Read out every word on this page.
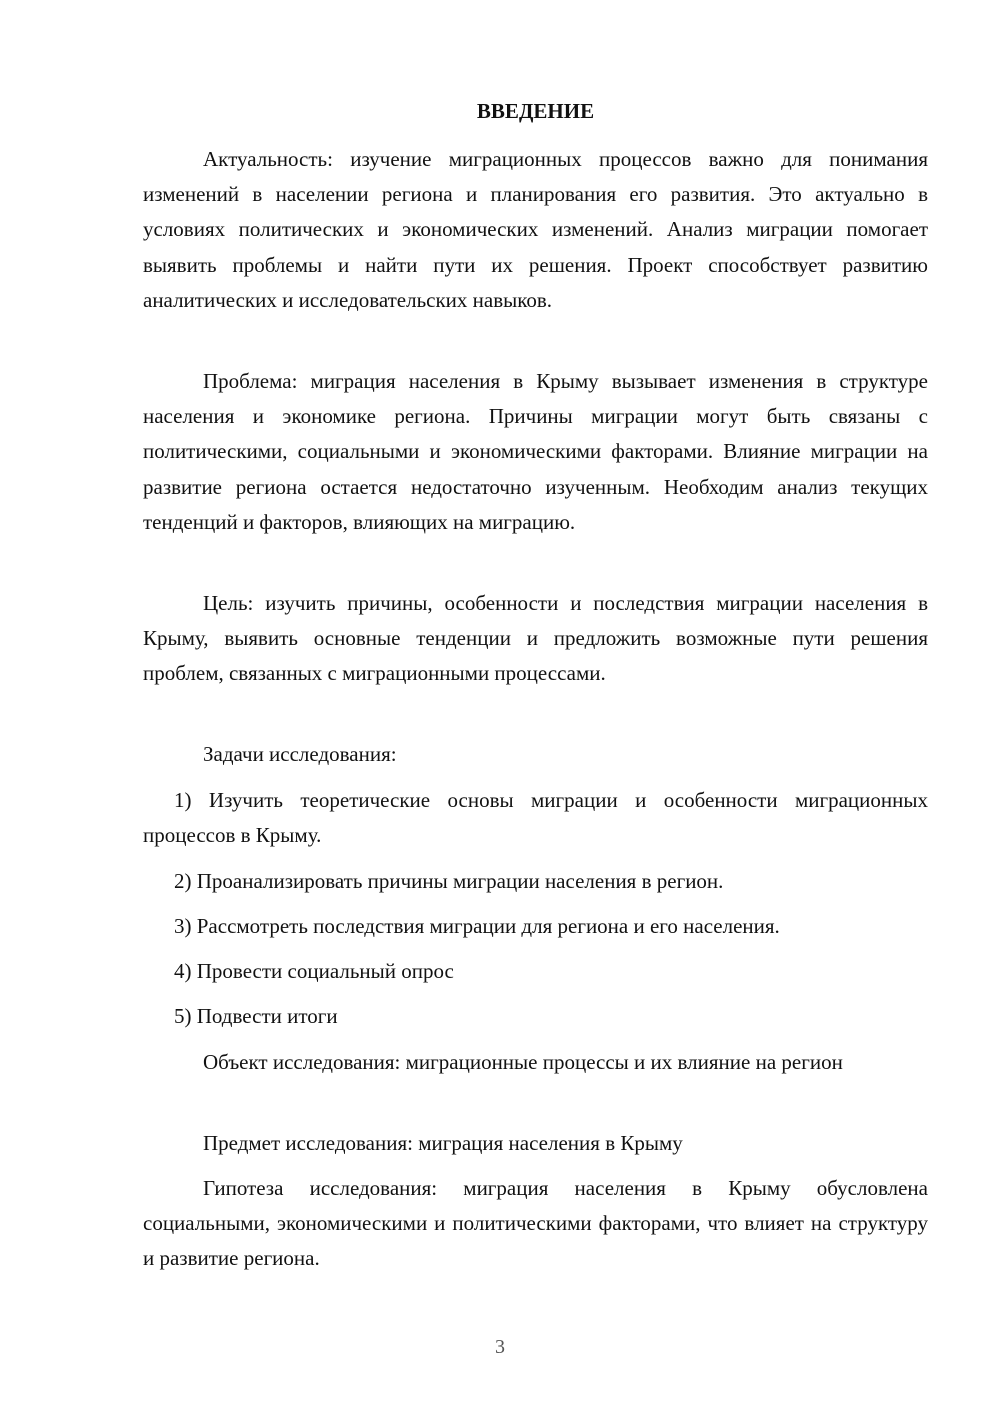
ВВЕДЕНИЕ
Актуальность: изучение миграционных процессов важно для понимания изменений в населении региона и планирования его развития. Это актуально в условиях политических и экономических изменений. Анализ миграции помогает выявить проблемы и найти пути их решения. Проект способствует развитию аналитических и исследовательских навыков.
Проблема: миграция населения в Крыму вызывает изменения в структуре населения и экономике региона. Причины миграции могут быть связаны с политическими, социальными и экономическими факторами. Влияние миграции на развитие региона остается недостаточно изученным. Необходим анализ текущих тенденций и факторов, влияющих на миграцию.
Цель: изучить причины, особенности и последствия миграции населения в Крыму, выявить основные тенденции и предложить возможные пути решения проблем, связанных с миграционными процессами.
Задачи исследования:
1) Изучить теоретические основы миграции и особенности миграционных процессов в Крыму.
2) Проанализировать причины миграции населения в регион.
3) Рассмотреть последствия миграции для региона и его населения.
4) Провести социальный опрос
5) Подвести итоги
Объект исследования: миграционные процессы и их влияние на регион
Предмет исследования: миграция населения в Крыму
Гипотеза исследования: миграция населения в Крыму обусловлена социальными, экономическими и политическими факторами, что влияет на структуру и развитие региона.
3
